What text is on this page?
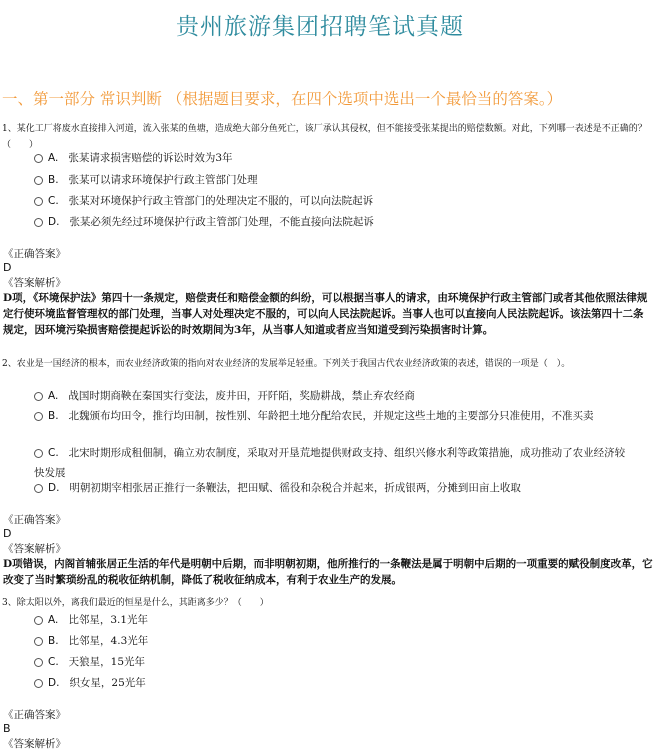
贵州旅游集团招聘笔试真题
一、第一部分 常识判断 （根据题目要求，在四个选项中选出一个最恰当的答案。）
1、某化工厂将废水直接排入河道，流入张某的鱼塘，造成绝大部分鱼死亡，该厂承认其侵权，但不能接受张某提出的赔偿数额。对此，下列哪一表述是不正确的？（　　）
A. 张某请求损害赔偿的诉讼时效为3年
B. 张某可以请求环境保护行政主管部门处理
C. 张某对环境保护行政主管部门的处理决定不服的，可以向法院起诉
D. 张某必须先经过环境保护行政主管部门处理，不能直接向法院起诉
《正确答案》
D
《答案解析》
D项，《环境保护法》第四十一条规定，赔偿责任和赔偿金额的纠纷，可以根据当事人的请求，由环境保护行政主管部门或者其他依照法律规定行使环境监督管理权的部门处理，当事人对处理决定不服的，可以向人民法院起诉。当事人也可以直接向人民法院起诉。该法第四十二条规定，因环境污染损害赔偿提起诉讼的时效期间为3年，从当事人知道或者应当知道受到污染损害时计算。
2、农业是一国经济的根本，而农业经济政策的指向对农业经济的发展举足轻重。下列关于我国古代农业经济政策的表述，错误的一项是（　）。
A. 战国时期商鞅在秦国实行变法，废井田，开阡陌，奖励耕战，禁止弃农经商
B. 北魏颁布均田令，推行均田制，按性别、年龄把土地分配给农民，并规定这些土地的主要部分只准使用，不准买卖
C. 北宋时期形成租佃制，确立劝农制度，采取对开垦荒地提供财政支持、组织兴修水利等政策措施，成功推动了农业经济较快发展
D. 明朝初期宰相张居正推行一条鞭法，把田赋、徭役和杂税合并起来，折成银两，分摊到田亩上收取
《正确答案》
D
《答案解析》
D项错误，内阁首辅张居正生活的年代是明朝中后期，而非明朝初期，他所推行的一条鞭法是属于明朝中后期的一项重要的赋役制度改革，它改变了当时繁琐纷乱的税收征纳机制，降低了税收征纳成本，有利于农业生产的发展。
3、除太阳以外，离我们最近的恒星是什么，其距离多少？（　　）
A. 比邻星，3.1光年
B. 比邻星，4.3光年
C. 天狼星，15光年
D. 织女星，25光年
《正确答案》
B
《答案解析》
